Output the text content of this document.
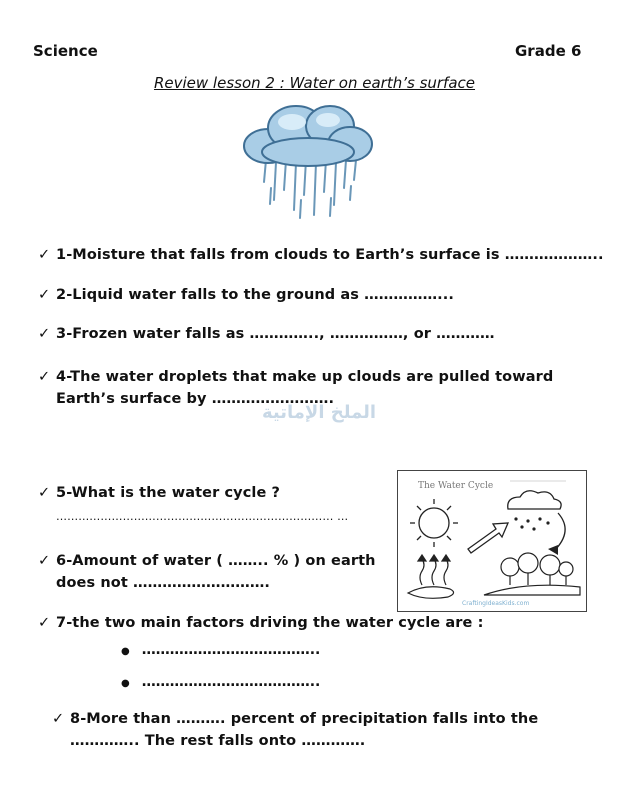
Science	Grade 6
Review lesson 2 : Water on earth’s surface
✓ 1-Moisture that falls from clouds to Earth’s surface is ………………..
✓ 2-Liquid water falls to the ground as ……………...
✓ 3-Frozen water falls as ………….., ……………, or …………
✓ 4-The water droplets that make up clouds are pulled toward
Earth’s surface by …………………….
الملخ الإماتية
✓ 5-What is the water cycle ?
………………………………………………………………… …
✓ 6-Amount of water ( …….. % ) on earth
does not ……………………….
The Water Cycle
CraftingIdeasKids.com
✓ 7-the two main factors driving the water cycle are :
● ………………………………..
● ………………………………..
✓ 8-More than ………. percent of precipitation falls into the
………….. The rest falls onto ………….
